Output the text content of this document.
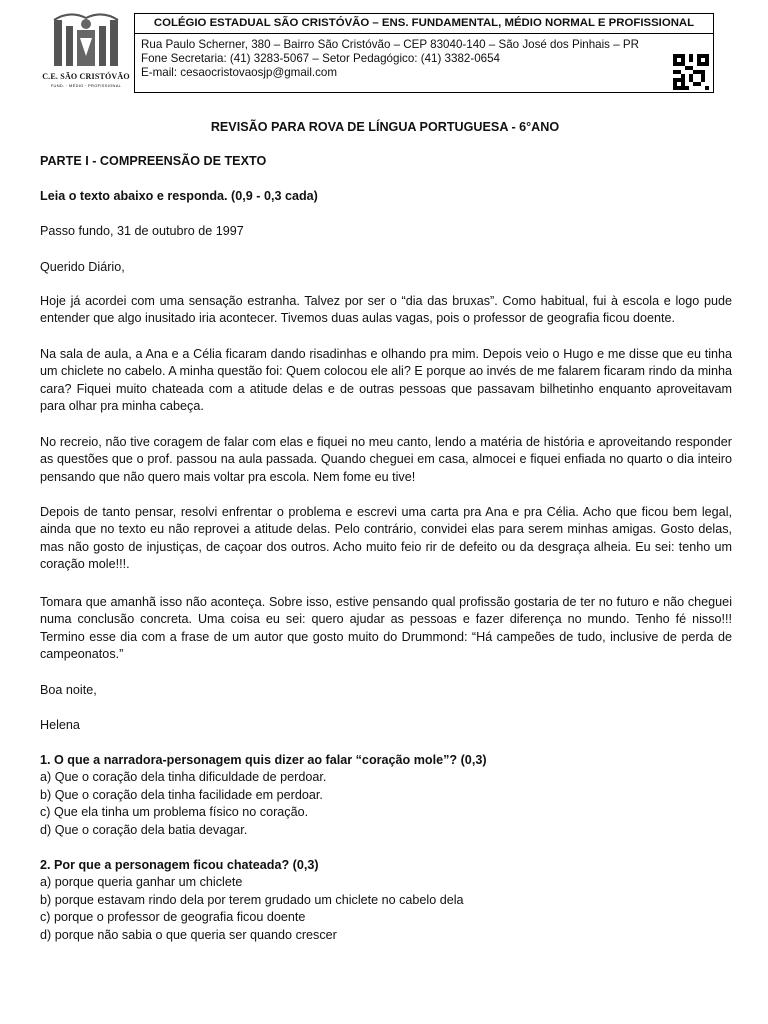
C.E. SÃO CRISTÓVÃO
FUND. · MÉDIO · PROFISSIONAL
COLÉGIO ESTADUAL SÃO CRISTÓVÃO – ENS. FUNDAMENTAL, MÉDIO NORMAL E PROFISSIONAL
Rua Paulo Scherner, 380 – Bairro São Cristóvão – CEP 83040-140 – São José dos Pinhais – PR
Fone Secretaria: (41) 3283-5067 – Setor Pedagógico: (41) 3382-0654
E-mail: cesaocristovaosjp@gmail.com
REVISÃO PARA ROVA DE LÍNGUA PORTUGUESA - 6°ANO
PARTE I - COMPREENSÃO DE TEXTO
Leia o texto abaixo e responda. (0,9 - 0,3 cada)
Passo fundo, 31 de outubro de 1997
Querido Diário,

Hoje já acordei com uma sensação estranha. Talvez por ser o “dia das bruxas”. Como habitual, fui à escola e logo pude entender que algo inusitado iria acontecer. Tivemos duas aulas vagas, pois o professor de geografia ficou doente.

Na sala de aula, a Ana e a Célia ficaram dando risadinhas e olhando pra mim. Depois veio o Hugo e me disse que eu tinha um chiclete no cabelo. A minha questão foi: Quem colocou ele ali? E porque ao invés de me falarem ficaram rindo da minha cara? Fiquei muito chateada com a atitude delas e de outras pessoas que passavam bilhetinho enquanto aproveitavam para olhar pra minha cabeça.

No recreio, não tive coragem de falar com elas e fiquei no meu canto, lendo a matéria de história e aproveitando responder as questões que o prof. passou na aula passada. Quando cheguei em casa, almocei e fiquei enfiada no quarto o dia inteiro pensando que não quero mais voltar pra escola. Nem fome eu tive!

Depois de tanto pensar, resolvi enfrentar o problema e escrevi uma carta pra Ana e pra Célia. Acho que ficou bem legal, ainda que no texto eu não reprovei a atitude delas. Pelo contrário, convidei elas para serem minhas amigas. Gosto delas, mas não gosto de injustiças, de caçoar dos outros. Acho muito feio rir de defeito ou da desgraça alheia. Eu sei: tenho um coração mole!!!.

Tomara que amanhã isso não aconteça. Sobre isso, estive pensando qual profissão gostaria de ter no futuro e não cheguei numa conclusão concreta. Uma coisa eu sei: quero ajudar as pessoas e fazer diferença no mundo. Tenho fé nisso!!! Termino esse dia com a frase de um autor que gosto muito do Drummond: “Há campeões de tudo, inclusive de perda de campeonatos.”

Boa noite,
Helena
1. O que a narradora-personagem quis dizer ao falar “coração mole”? (0,3)
a) Que o coração dela tinha dificuldade de perdoar.
b) Que o coração dela tinha facilidade em perdoar.
c) Que ela tinha um problema físico no coração.
d) Que o coração dela batia devagar.
2. Por que a personagem ficou chateada? (0,3)
a) porque queria ganhar um chiclete
b) porque estavam rindo dela por terem grudado um chiclete no cabelo dela
c) porque o professor de geografia ficou doente
d) porque não sabia o que queria ser quando crescer
